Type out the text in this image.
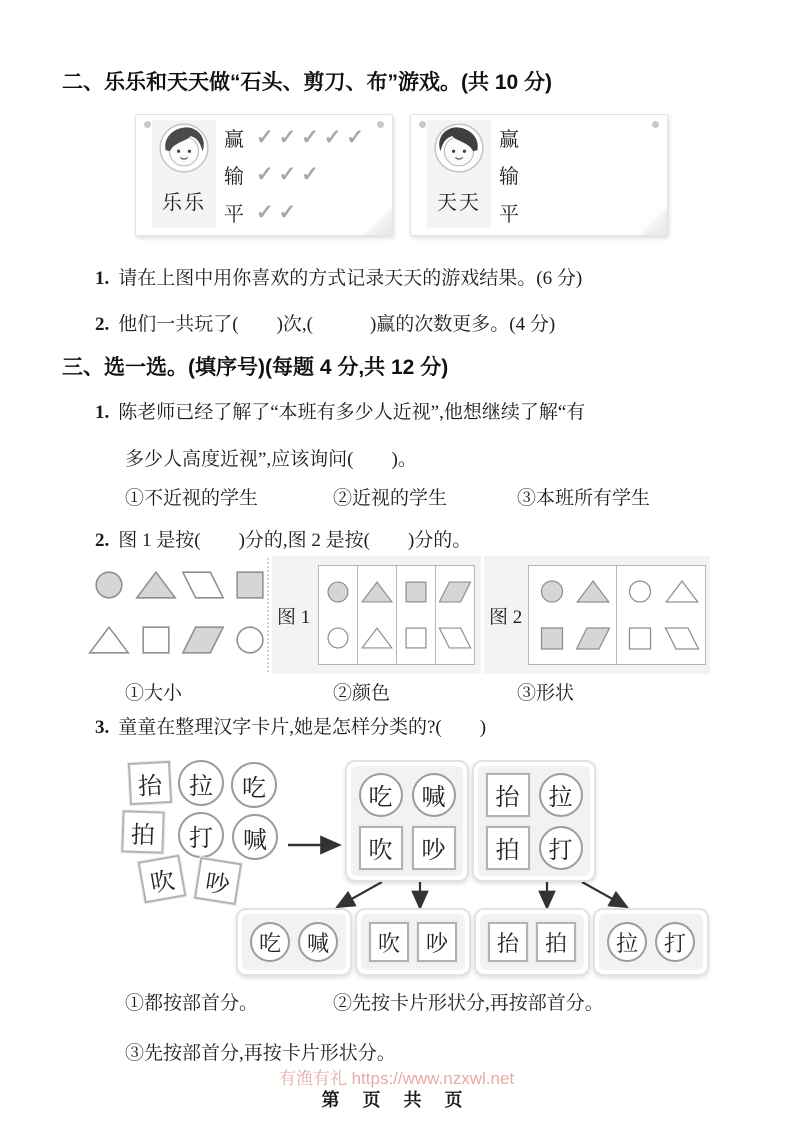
二、乐乐和天天做“石头、剪刀、布”游戏。(共 10 分)
乐乐
赢 ✓✓✓✓✓
输 ✓✓✓
平 ✓✓	天天
赢
输
平
1. 请在上图中用你喜欢的方式记录天天的游戏结果。(6 分)
2. 他们一共玩了(　　)次,(　　　)赢的次数更多。(4 分)
三、选一选。(填序号)(每题 4 分,共 12 分)
1. 陈老师已经了解了“本班有多少人近视”,他想继续了解“有
多少人高度近视”,应该询问(　　)。
①不近视的学生	②近视的学生	③本班所有学生
2. 图 1 是按(　　)分的,图 2 是按(　　)分的。
图 1	图 2
①大小	②颜色	③形状
3. 童童在整理汉字卡片,她是怎样分类的?(　　)
抬	拉	吃
拍	打	喊
吹	吵
吃	喊
吹	吵
抬	拉
拍	打
吃	喊	吹	吵	抬	拍	拉	打
①都按部首分。	②先按卡片形状分,再按部首分。
③先按部首分,再按卡片形状分。
有渔有礼 https://www.nzxwl.net
第 页 共 页
